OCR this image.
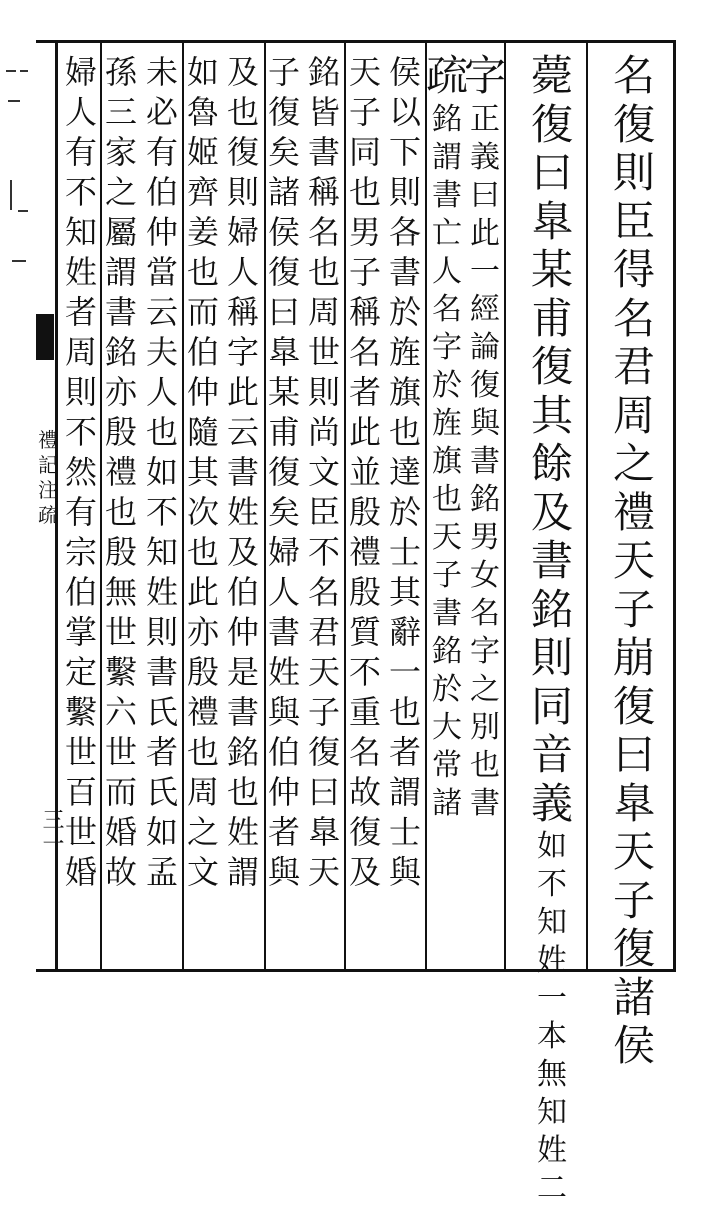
名
復
則
臣
得
名
君
周
之
禮
天
子
崩
復
曰
臯
天
子
復
諸
侯
薨
復
曰
臯
某
甫
復
其
餘
及
書
銘
則
同
音
義
如
不
知
姓
一
本
無
知
姓
二
字
正
義
曰
此
一
經
論
復
與
書
銘
男
女
名
字
之
別
也
書
疏
銘
謂
書
亡
人
名
字
於
旌
旗
也
天
子
書
銘
於
大
常
諸
侯
以
下
則
各
書
於
旌
旗
也
達
於
士
其
辭
一
也
者
謂
士
與
天
子
同
也
男
子
稱
名
者
此
並
殷
禮
殷
質
不
重
名
故
復
及
銘
皆
書
稱
名
也
周
世
則
尚
文
臣
不
名
君
天
子
復
曰
臯
天
子
復
矣
諸
侯
復
曰
臯
某
甫
復
矣
婦
人
書
姓
與
伯
仲
者
與
及
也
復
則
婦
人
稱
字
此
云
書
姓
及
伯
仲
是
書
銘
也
姓
謂
如
魯
姬
齊
姜
也
而
伯
仲
隨
其
次
也
此
亦
殷
禮
也
周
之
文
未
必
有
伯
仲
當
云
夫
人
也
如
不
知
姓
則
書
氏
者
氏
如
孟
孫
三
家
之
屬
謂
書
銘
亦
殷
禮
也
殷
無
世
繫
六
世
而
婚
故
婦
人
有
不
知
姓
者
周
則
不
然
有
宗
伯
掌
定
繫
世
百
世
婚
禮
記
注
疏
三一
